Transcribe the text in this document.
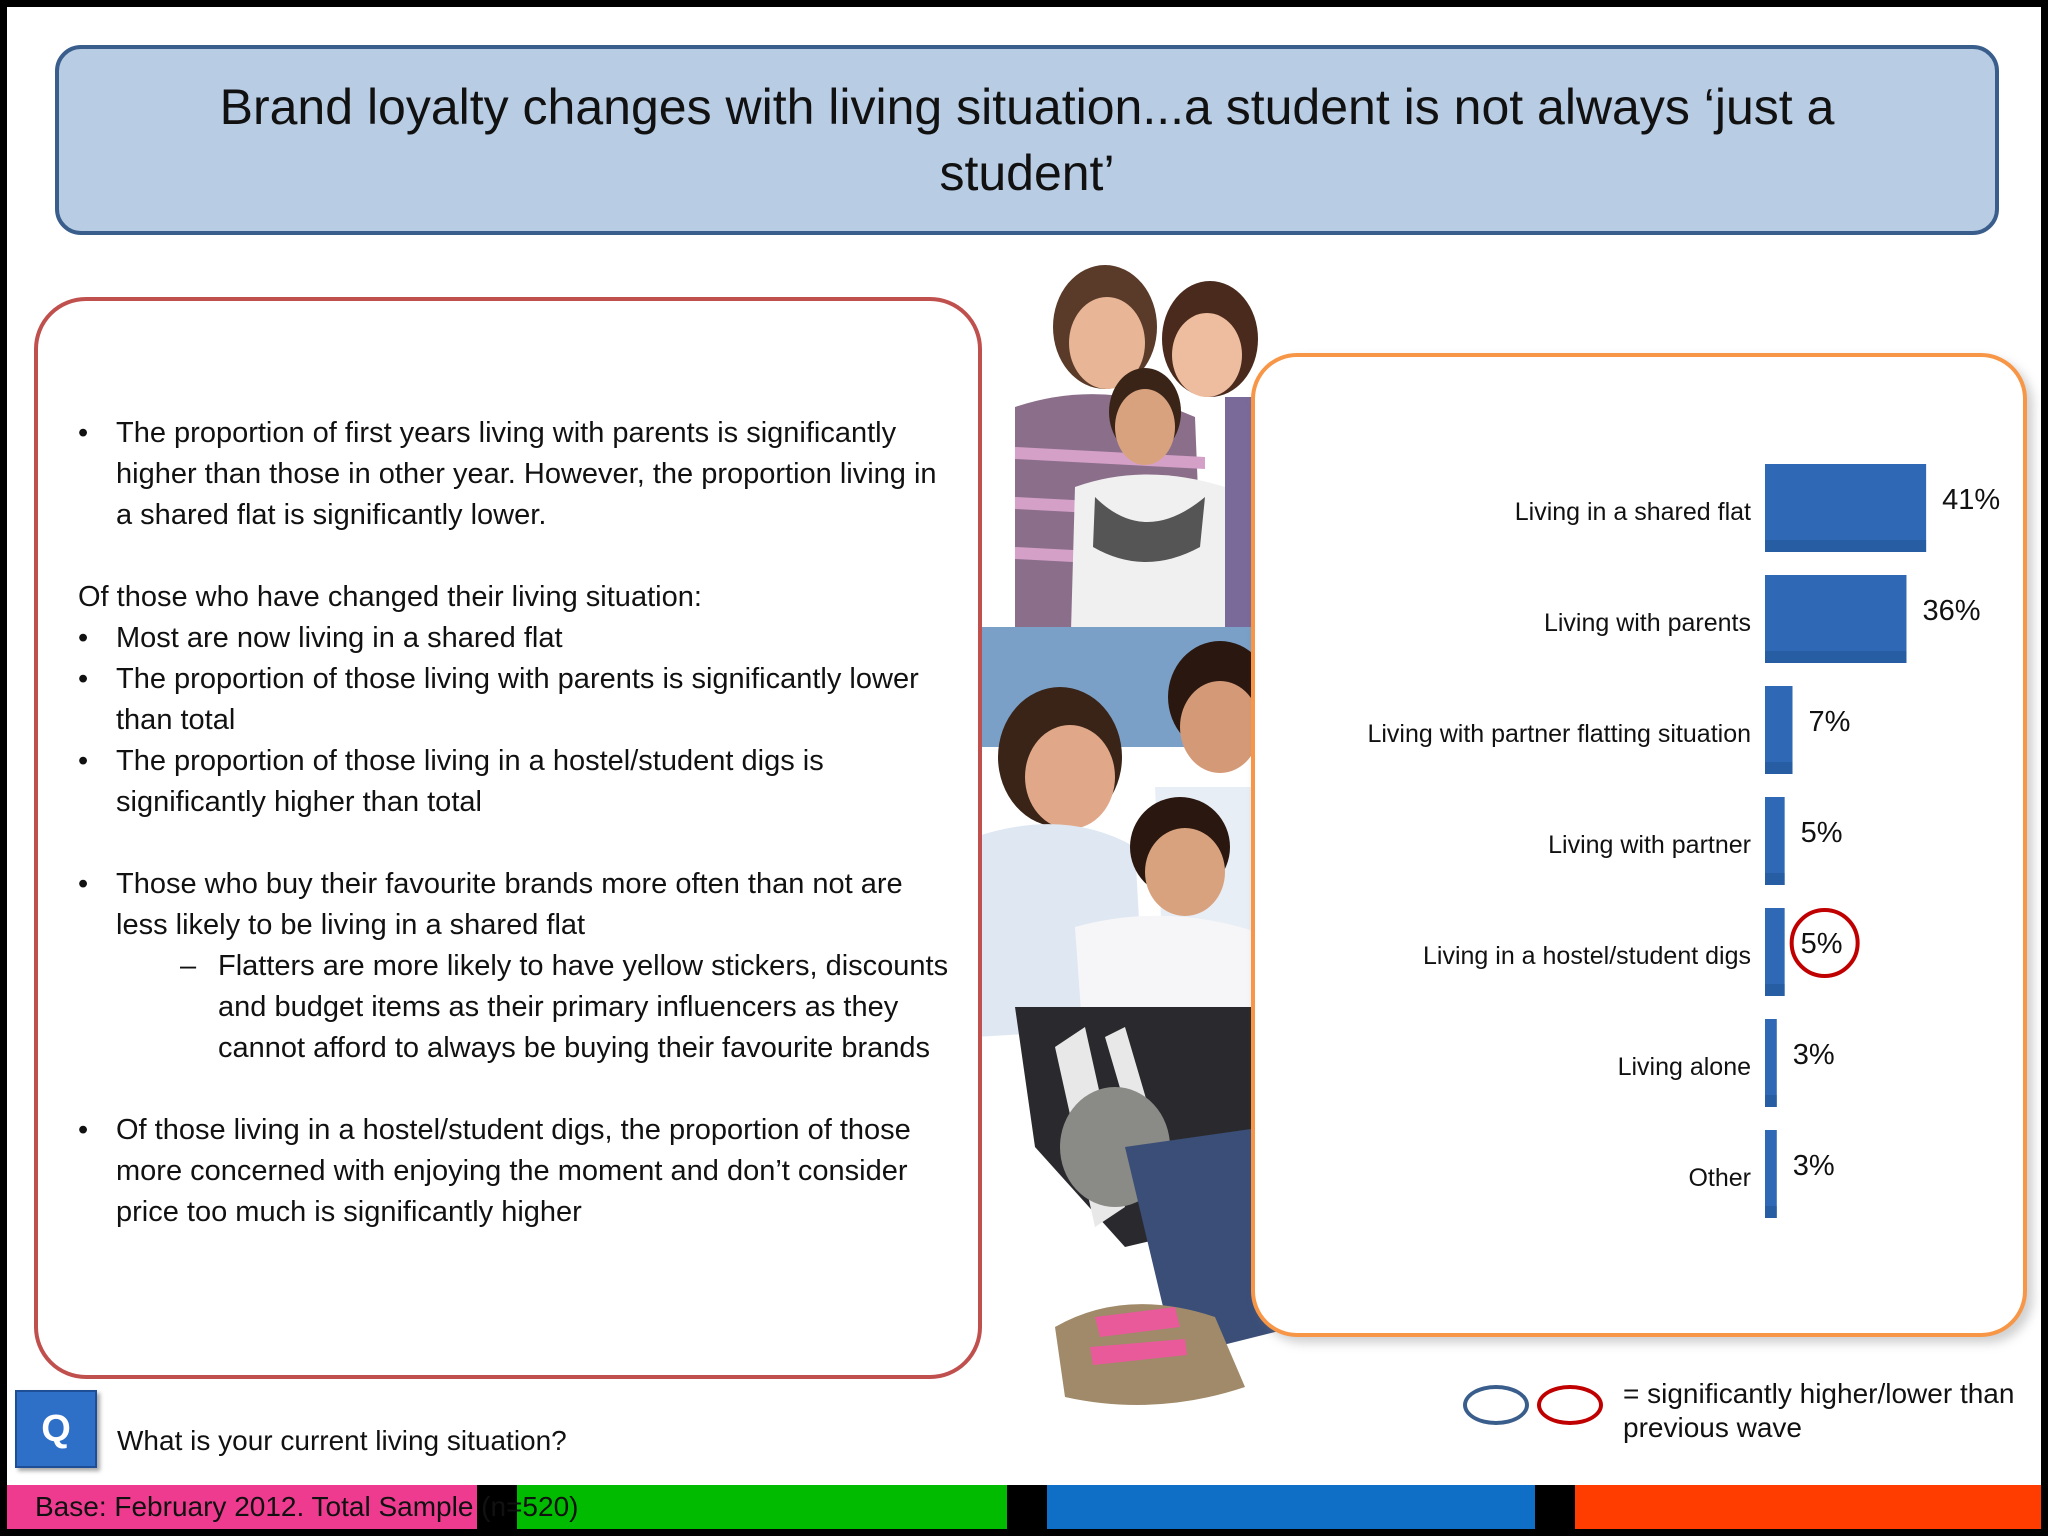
Brand loyalty changes with living situation...a student is not always ‘just a student’
• The proportion of first years living with parents is significantly higher than those in other year. However, the proportion living in a shared flat is significantly lower.
Of those who have changed their living situation:
• Most are now living in a shared flat
• The proportion of those living with parents is significantly lower than total
• The proportion of those living in a hostel/student digs is significantly higher than total
• Those who buy their favourite brands more often than not are less likely to be living in a shared flat
– Flatters are more likely to have yellow stickers, discounts and budget items as their primary influencers as they cannot afford to always be buying their favourite brands
• Of those living in a hostel/student digs, the proportion of those more concerned with enjoying the moment and don’t consider price too much is significantly higher
Living in a shared flat	41%
Living with parents	36%
Living with partner flatting situation 7%
Living with partner 5%
Living in a hostel/student digs 5%
Living alone 3%
Other 3%
= significantly higher/lower than previous wave
Q	What is your current living situation?
Base: February 2012. Total Sample (n=520)
